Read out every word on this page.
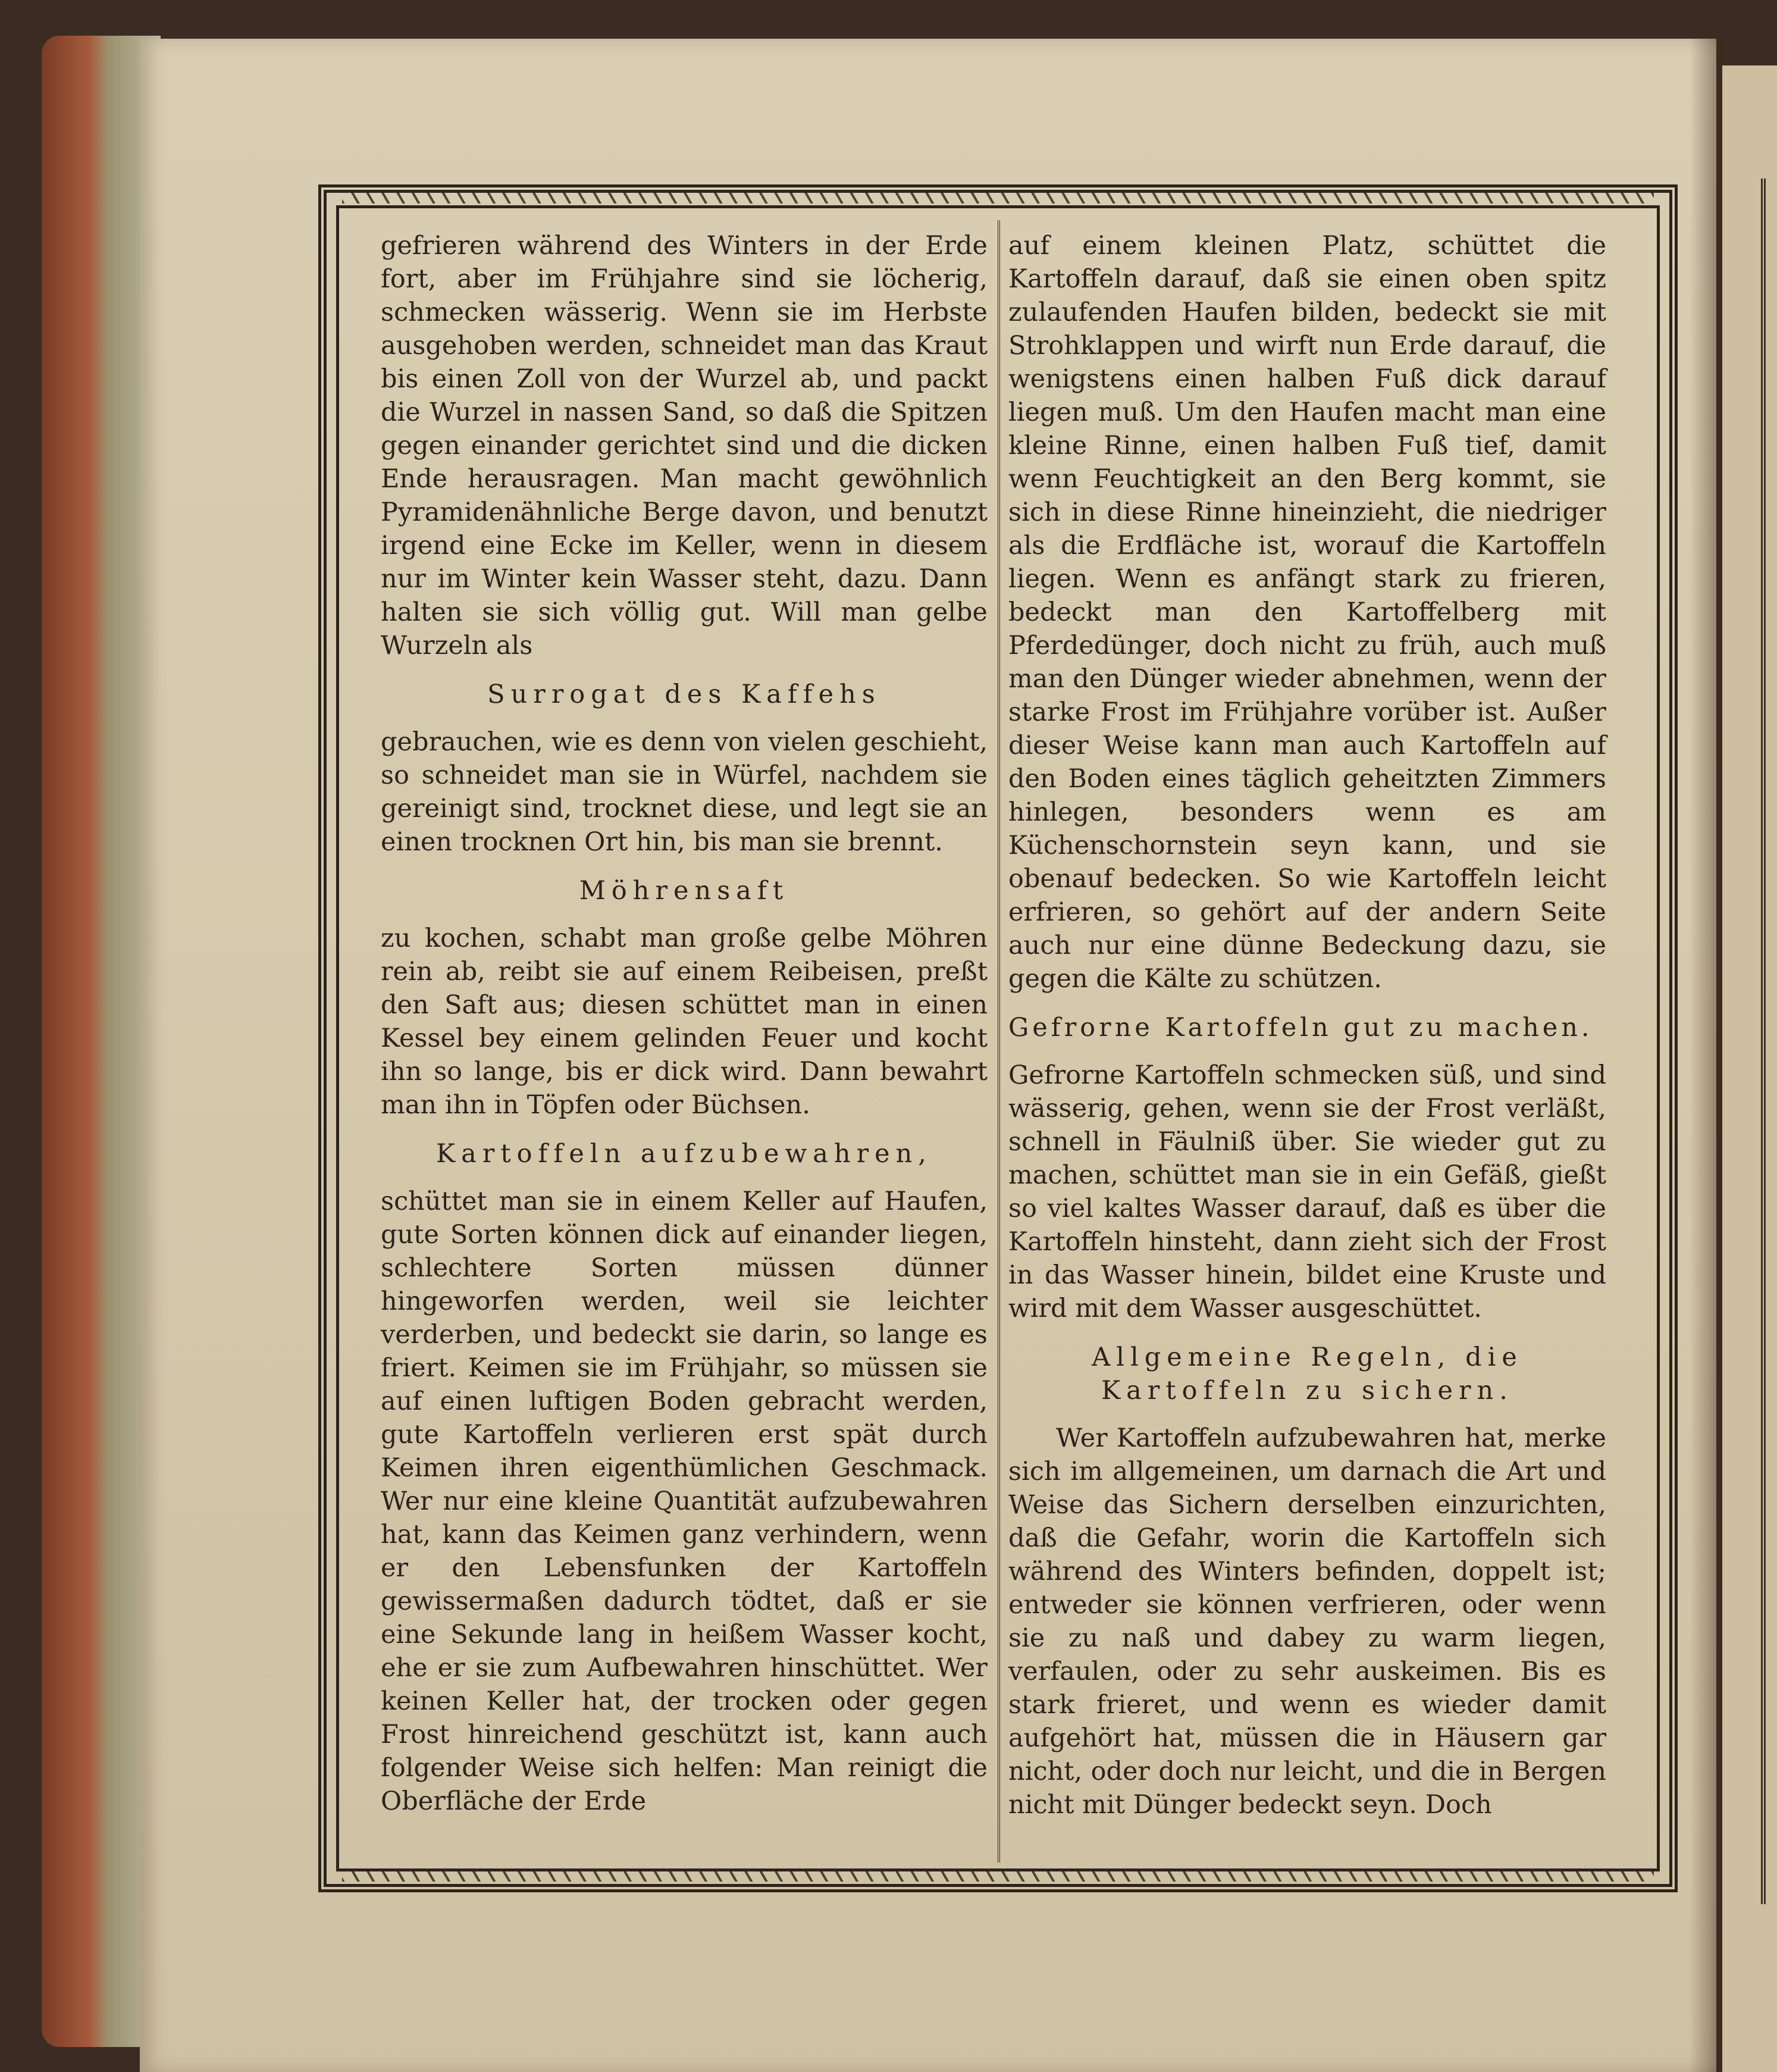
gefrieren während des Winters in der Erde fort, aber im Frühjahre sind sie löcherig, schmecken wässerig. Wenn sie im Herbste ausgehoben werden, schneidet man das Kraut bis einen Zoll von der Wurzel ab, und packt die Wurzel in nassen Sand, so daß die Spitzen gegen einander gerichtet sind und die dicken Ende herausragen. Man macht gewöhnlich Pyramidenähnliche Berge davon, und benutzt irgend eine Ecke im Keller, wenn in diesem nur im Winter kein Wasser steht, dazu. Dann halten sie sich völlig gut. Will man gelbe Wurzeln als

Surrogat des Kaffehs

gebrauchen, wie es denn von vielen geschieht, so schneidet man sie in Würfel, nachdem sie gereinigt sind, trocknet diese, und legt sie an einen trocknen Ort hin, bis man sie brennt.

Möhrensaft

zu kochen, schabt man große gelbe Möhren rein ab, reibt sie auf einem Reibeisen, preßt den Saft aus; diesen schüttet man in einen Kessel bey einem gelinden Feuer und kocht ihn so lange, bis er dick wird. Dann bewahrt man ihn in Töpfen oder Büchsen.

Kartoffeln aufzubewahren,

schüttet man sie in einem Keller auf Haufen, gute Sorten können dick auf einander liegen, schlechtere Sorten müssen dünner hingeworfen werden, weil sie leichter verderben, und bedeckt sie darin, so lange es friert. Keimen sie im Frühjahr, so müssen sie auf einen luftigen Boden gebracht werden, gute Kartoffeln verlieren erst spät durch Keimen ihren eigenthümlichen Geschmack. Wer nur eine kleine Quantität aufzubewahren hat, kann das Keimen ganz verhindern, wenn er den Lebensfunken der Kartoffeln gewissermaßen dadurch tödtet, daß er sie eine Sekunde lang in heißem Wasser kocht, ehe er sie zum Aufbewahren hinschüttet. Wer keinen Keller hat, der trocken oder gegen Frost hinreichend geschützt ist, kann auch folgender Weise sich helfen: Man reinigt die Oberfläche der Erde

auf einem kleinen Platz, schüttet die Kartoffeln darauf, daß sie einen oben spitz zulaufenden Haufen bilden, bedeckt sie mit Strohklappen und wirft nun Erde darauf, die wenigstens einen halben Fuß dick darauf liegen muß. Um den Haufen macht man eine kleine Rinne, einen halben Fuß tief, damit wenn Feuchtigkeit an den Berg kommt, sie sich in diese Rinne hineinzieht, die niedriger als die Erdfläche ist, worauf die Kartoffeln liegen. Wenn es anfängt stark zu frieren, bedeckt man den Kartoffelberg mit Pferdedünger, doch nicht zu früh, auch muß man den Dünger wieder abnehmen, wenn der starke Frost im Frühjahre vorüber ist. Außer dieser Weise kann man auch Kartoffeln auf den Boden eines täglich geheitzten Zimmers hinlegen, besonders wenn es am Küchenschornstein seyn kann, und sie obenauf bedecken. So wie Kartoffeln leicht erfrieren, so gehört auf der andern Seite auch nur eine dünne Bedeckung dazu, sie gegen die Kälte zu schützen.

Gefrorne Kartoffeln gut zu machen.

Gefrorne Kartoffeln schmecken süß, und sind wässerig, gehen, wenn sie der Frost verläßt, schnell in Fäulniß über. Sie wieder gut zu machen, schüttet man sie in ein Gefäß, gießt so viel kaltes Wasser darauf, daß es über die Kartoffeln hinsteht, dann zieht sich der Frost in das Wasser hinein, bildet eine Kruste und wird mit dem Wasser ausgeschüttet.

Allgemeine Regeln, die Kartoffeln zu sichern.

Wer Kartoffeln aufzubewahren hat, merke sich im allgemeinen, um darnach die Art und Weise das Sichern derselben einzurichten, daß die Gefahr, worin die Kartoffeln sich während des Winters befinden, doppelt ist; entweder sie können verfrieren, oder wenn sie zu naß und dabey zu warm liegen, verfaulen, oder zu sehr auskeimen. Bis es stark frieret, und wenn es wieder damit aufgehört hat, müssen die in Häusern gar nicht, oder doch nur leicht, und die in Bergen nicht mit Dünger bedeckt seyn. Doch
